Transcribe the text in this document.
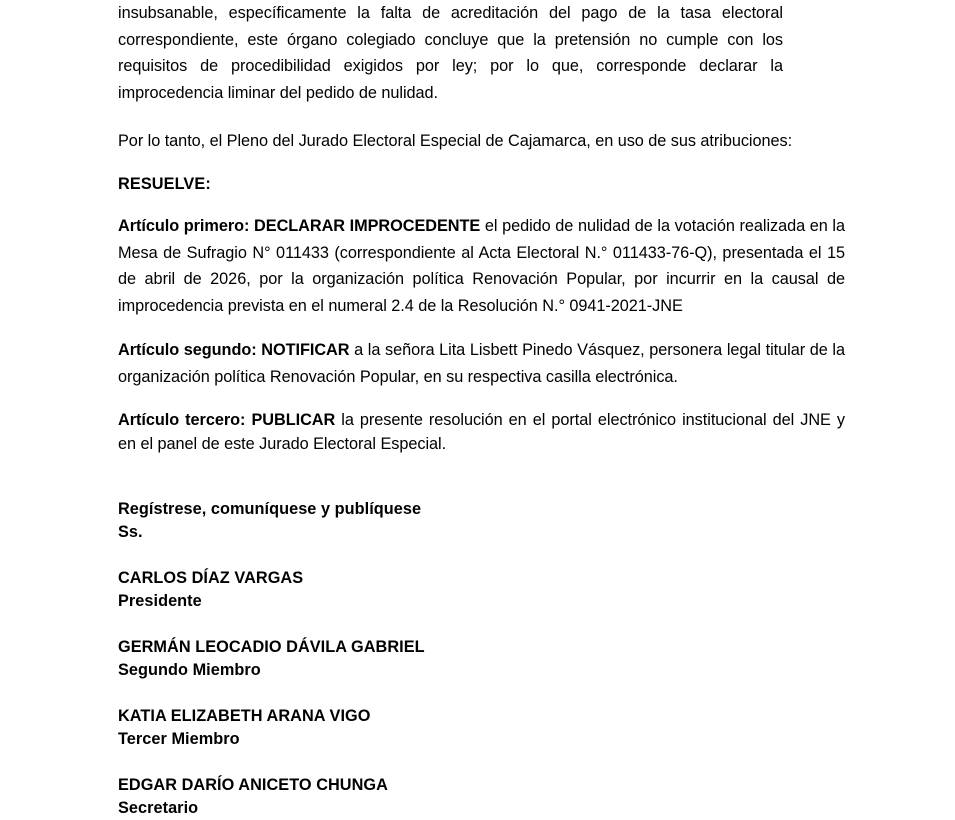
insubsanable, específicamente la falta de acreditación del pago de la tasa electoral
correspondiente, este órgano colegiado concluye que la pretensión no cumple con los
requisitos de procedibilidad exigidos por ley; por lo que, corresponde declarar la
improcedencia liminar del pedido de nulidad.

Por lo tanto, el Pleno del Jurado Electoral Especial de Cajamarca, en uso de sus atribuciones:

RESUELVE:

Artículo primero: DECLARAR IMPROCEDENTE el pedido de nulidad de la votación realizada en la Mesa de Sufragio N° 011433 (correspondiente al Acta Electoral N.° 011433-76-Q), presentada el 15 de abril de 2026, por la organización política Renovación Popular, por incurrir en la causal de improcedencia prevista en el numeral 2.4 de la Resolución N.° 0941-2021-JNE

Artículo segundo: NOTIFICAR a la señora Lita Lisbett Pinedo Vásquez, personera legal titular de la organización política Renovación Popular, en su respectiva casilla electrónica.

Artículo tercero: PUBLICAR la presente resolución en el portal electrónico institucional del JNE y en el panel de este Jurado Electoral Especial.

Regístrese, comuníquese y publíquese
Ss.

CARLOS DÍAZ VARGAS
Presidente

GERMÁN LEOCADIO DÁVILA GABRIEL
Segundo Miembro

KATIA ELIZABETH ARANA VIGO
Tercer Miembro

EDGAR DARÍO ANICETO CHUNGA
Secretario
